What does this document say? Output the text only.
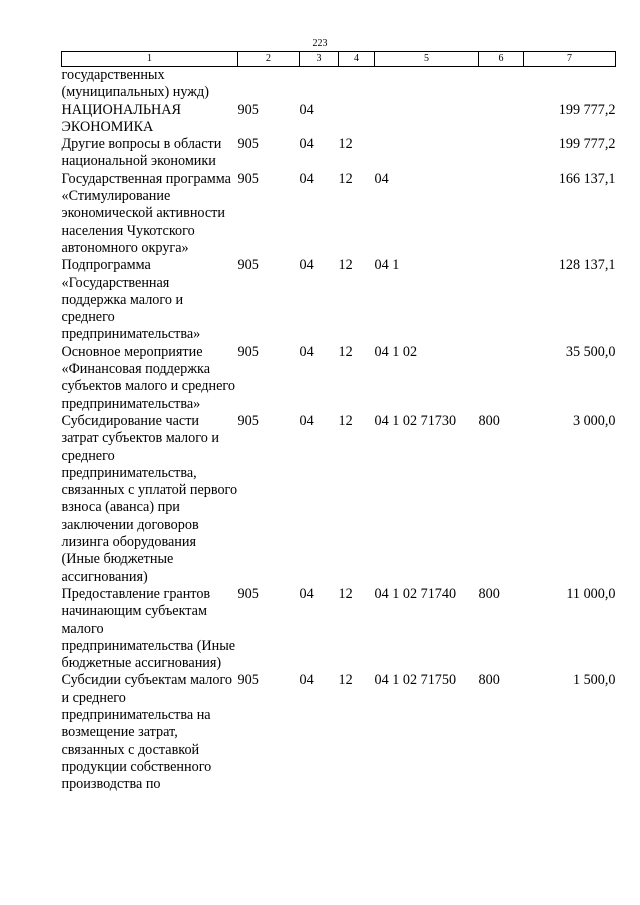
223
1	2	3	4	5	6	7
государственных (муниципальных) нужд)						
НАЦИОНАЛЬНАЯ ЭКОНОМИКА	905	04				199 777,2
Другие вопросы в области национальной экономики	905	04	12			199 777,2
Государственная программа «Стимулирование экономической активности населения Чукотского автономного округа»	905	04	12	04		166 137,1
Подпрограмма «Государственная поддержка малого и среднего предпринимательства»	905	04	12	04 1		128 137,1
Основное мероприятие «Финансовая поддержка субъектов малого и среднего предпринимательства»	905	04	12	04 1 02		35 500,0
Субсидирование части затрат субъектов малого и среднего предпринимательства, связанных с уплатой первого взноса (аванса) при заключении договоров лизинга оборудования (Иные бюджетные ассигнования)	905	04	12	04 1 02 71730	800	3 000,0
Предоставление грантов начинающим субъектам малого предпринимательства (Иные бюджетные ассигнования)	905	04	12	04 1 02 71740	800	11 000,0
Субсидии субъектам малого и среднего предпринимательства на возмещение затрат, связанных с доставкой продукции собственного производства по	905	04	12	04 1 02 71750	800	1 500,0
